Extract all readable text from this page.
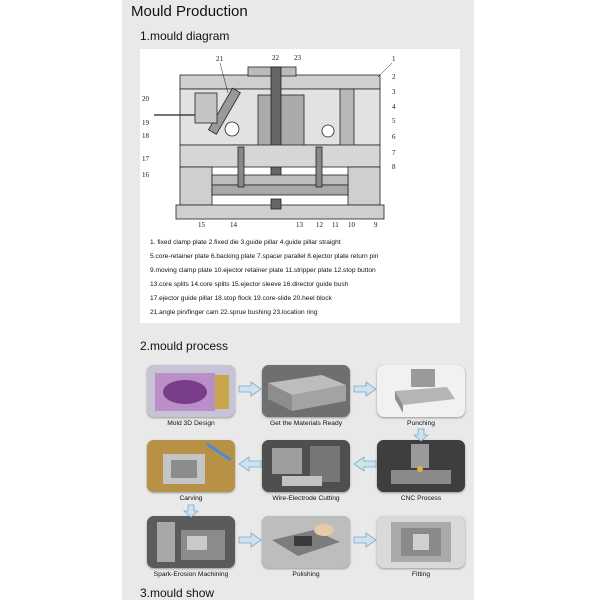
Mould Production
1.mould diagram
21	22 23	1
2
3
4
5
6
7
8
20
19
18
17
16
15	14	13 12 11 10	9
1. fixed clamp plate 2.fixed die 3.guide pillar 4.guide pillar straight
5.core-retainer plate 6.backing plate 7.spacer parallel 8.ejector plate return pin
9.moving clamp plate 10.ejector retainer plate 11.stripper plate 12.stop button
13.core splits 14.core splits 15.ejector sleeve 16.director guide bush
17.ejector guide pillar 18.stop flock 19.core-slide 20.heel block
21.angle pin/finger cam 22.sprue bushing 23.location ring
2.mould process
Mold 3D Design	Get the Materials Ready	Punching
Carving	Wire-Electrode Cutting	CNC Process
Spark-Erosion Machining	Polishing	Fitting
3.mould show
